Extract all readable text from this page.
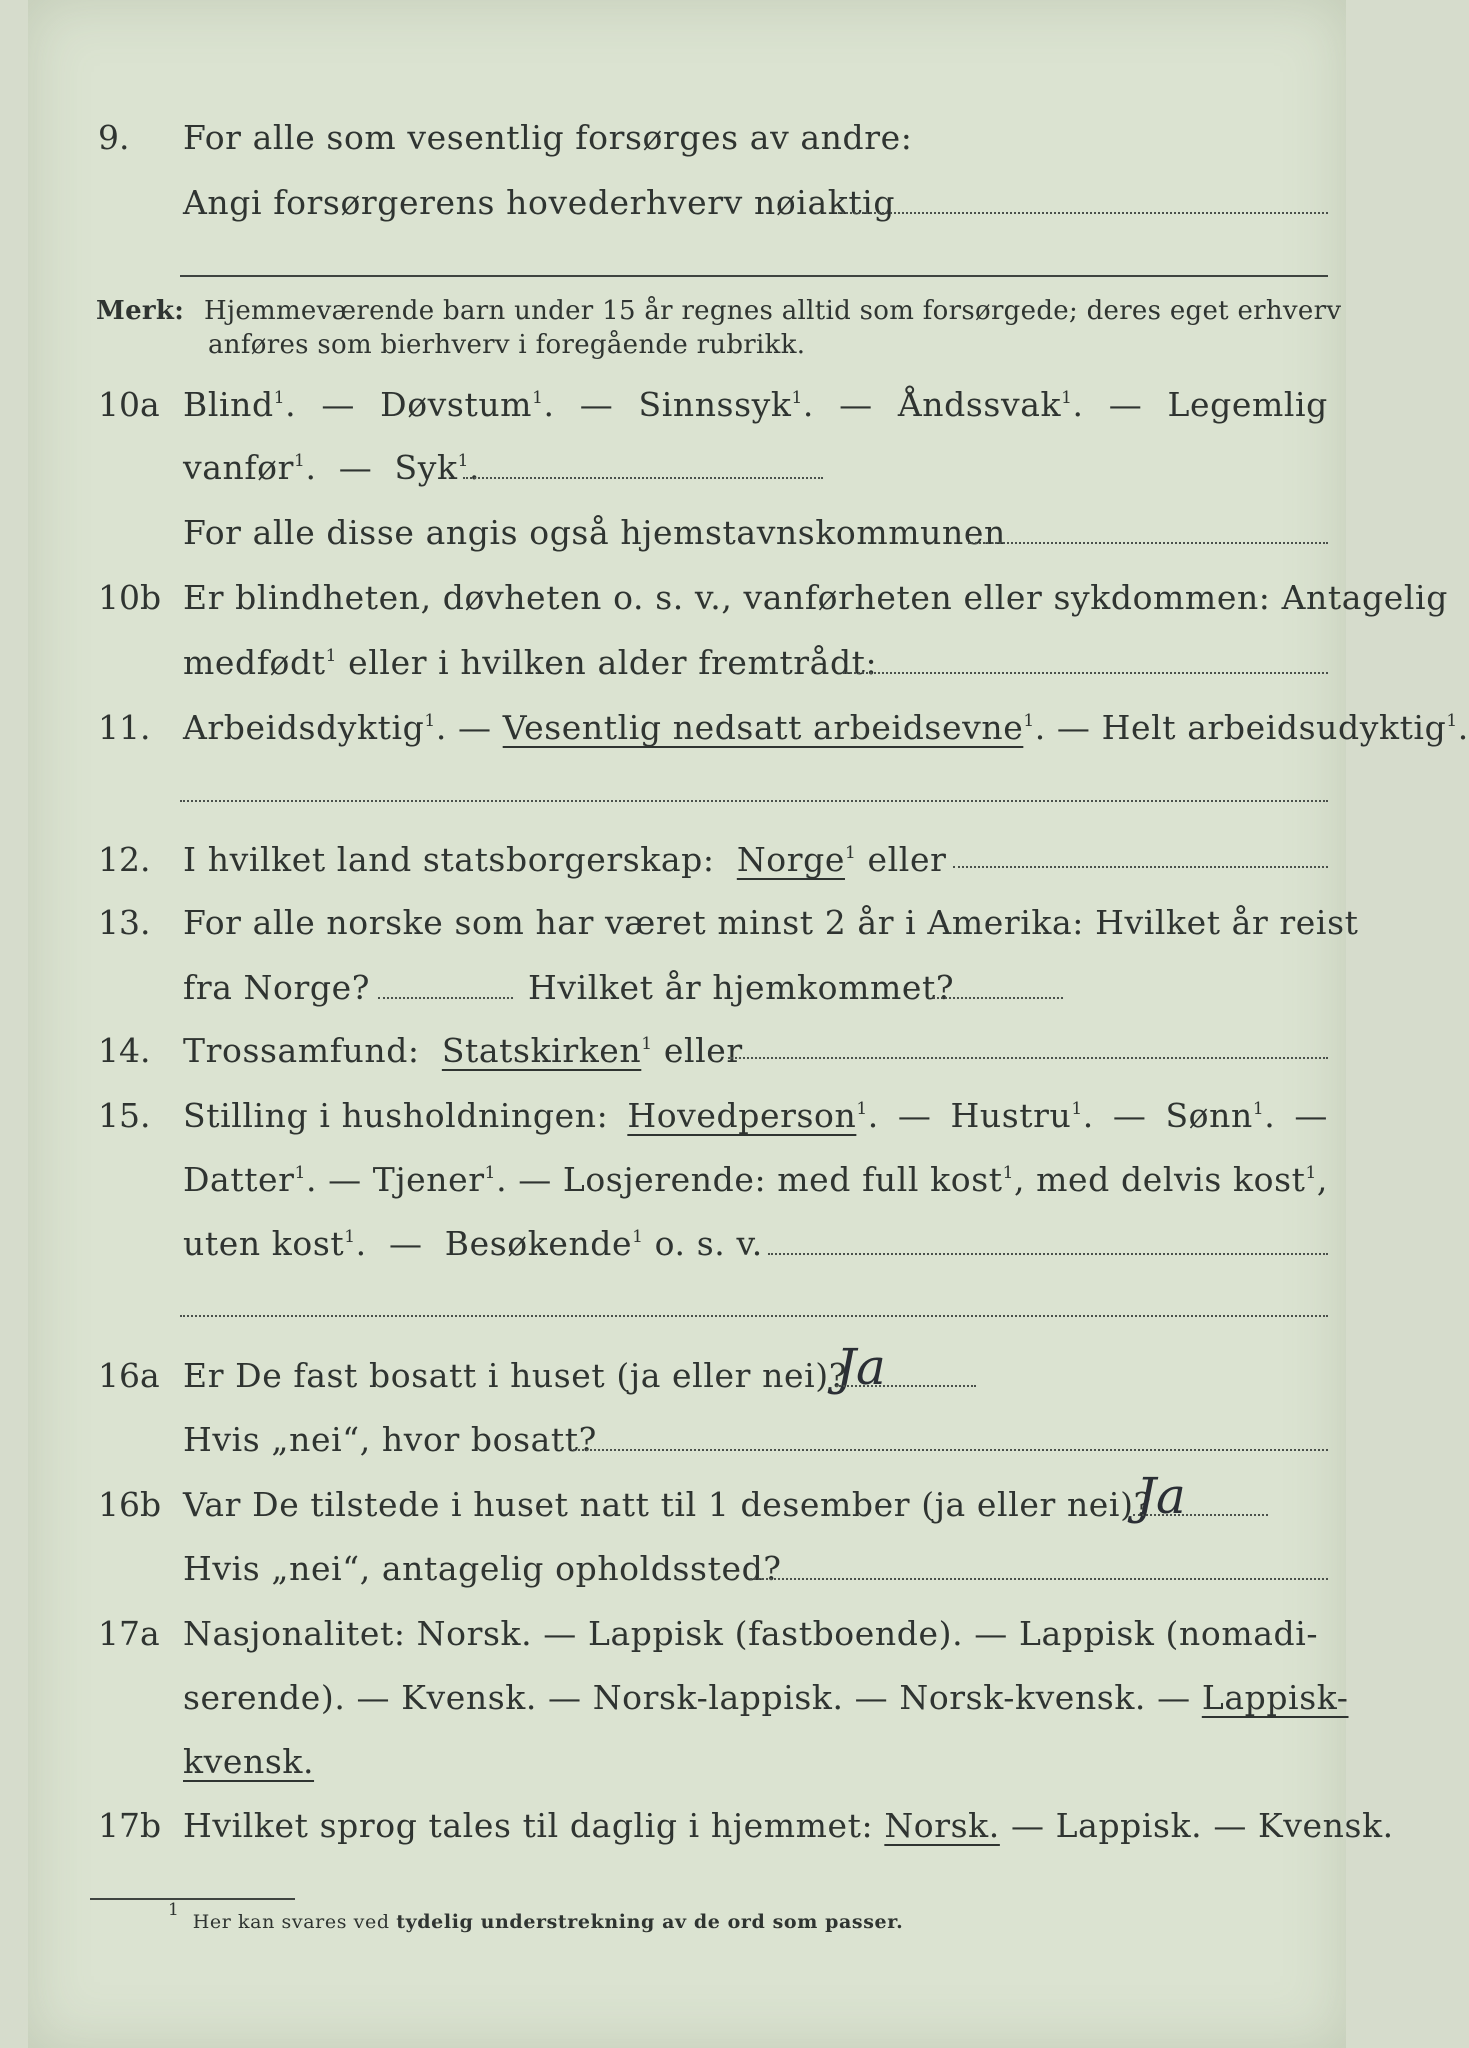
9. For alle som vesentlig forsørges av andre:
Angi forsørgerens hovederhverv nøiaktig
Merk: Hjemmeværende barn under 15 år regnes alltid som forsørgede; deres eget erhverv
anføres som bierhverv i foregående rubrikk.
10a Blind$^1$. — Døvstum$^1$. — Sinnssyk$^1$. — Åndssvak$^1$. — Legemlig
vanfør$^1$.  —  Syk$^1$.
For alle disse angis også hjemstavnskommunen
10b Er blindheten, døvheten o. s. v., vanførheten eller sykdommen: Antagelig
medfødt$^1$ eller i hvilken alder fremtrådt:
11. Arbeidsdyktig$^1$. — Vesentlig nedsatt arbeidsevne$^1$. — Helt arbeidsudyktig$^1$.
12. I hvilket land statsborgerskap: Norge$^1$ eller
13. For alle norske som har været minst 2 år i Amerika: Hvilket år reist
fra Norge?	Hvilket år hjemkommet?
14. Trossamfund: Statskirken$^1$ eller
15. Stilling i husholdningen: Hovedperson$^1$. — Hustru$^1$. — Sønn$^1$. —
Datter$^1$. — Tjener$^1$. — Losjerende: med full kost$^1$, med delvis kost$^1$,
uten kost$^1$.  —  Besøkende$^1$ o. s. v.
16a Er De fast bosatt i huset (ja eller nei)?
Ja
Hvis „nei“, hvor bosatt?
16b Var De tilstede i huset natt til 1 desember (ja eller nei)?
Ja
Hvis „nei“, antagelig opholdssted?
17a Nasjonalitet: Norsk. — Lappisk (fastboende). — Lappisk (nomadi-
serende). — Kvensk. — Norsk-lappisk. — Norsk-kvensk. — Lappisk-
kvensk.
17b Hvilket sprog tales til daglig i hjemmet: Norsk. — Lappisk. — Kvensk.
$^1$  Her kan svares ved tydelig understrekning av de ord som passer.
